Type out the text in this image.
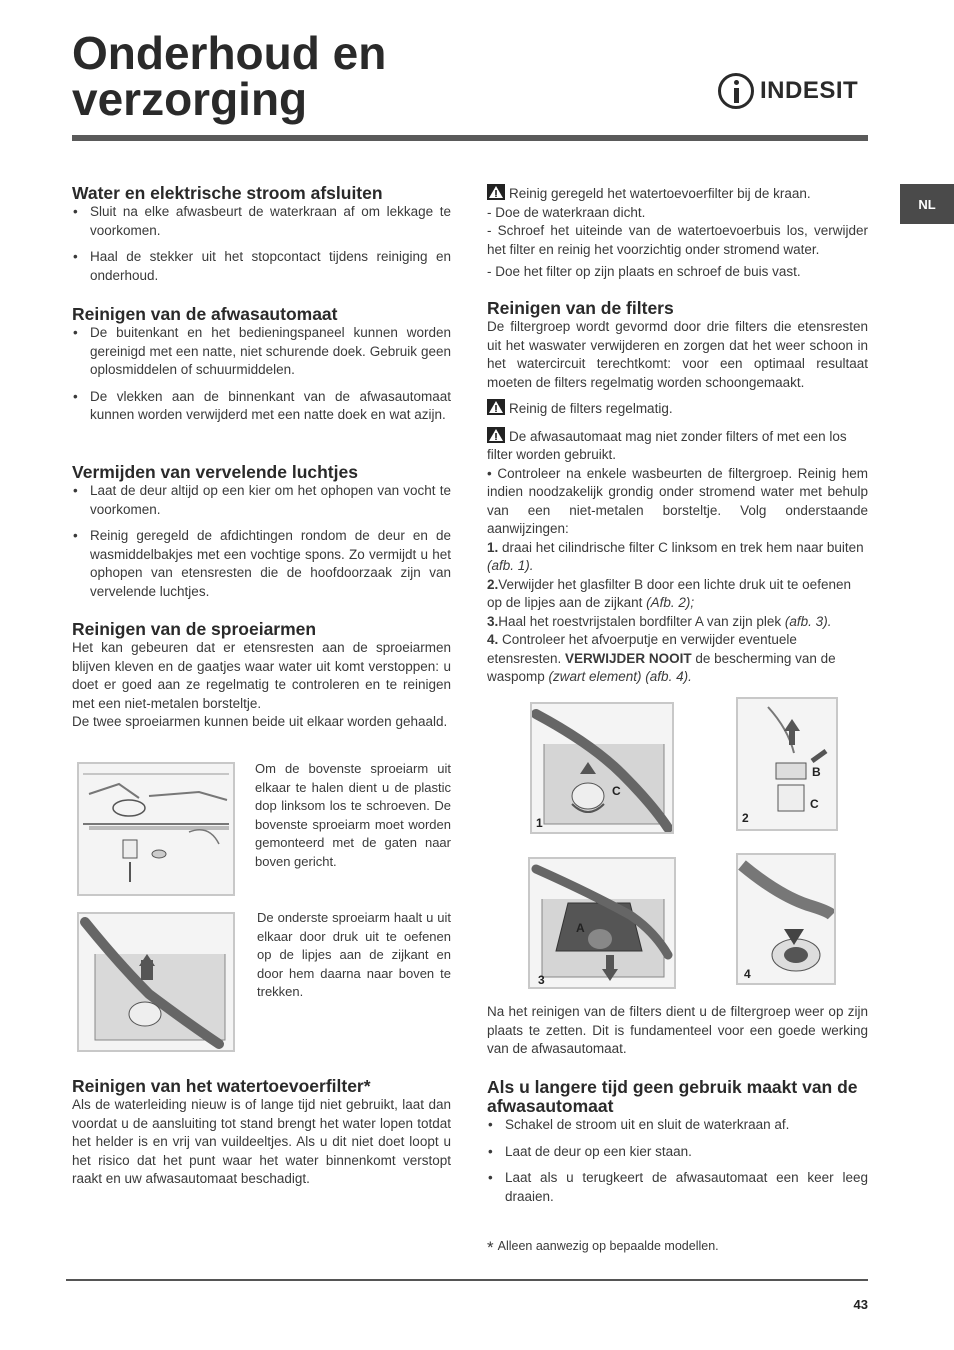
Onderhoud en verzorging	INDESIT
NL
Water en elektrische stroom afsluiten
• Sluit na elke afwasbeurt de waterkraan af om lekkage te voorkomen.
• Haal de stekker uit het stopcontact tijdens reiniging en onderhoud.
Reinigen van de afwasautomaat
• De buitenkant en het bedieningspaneel kunnen worden gereinigd met een natte, niet schurende doek. Gebruik geen oplosmiddelen of schuurmiddelen.
• De vlekken aan de binnenkant van de afwasautomaat kunnen worden verwijderd met een natte doek en wat azijn.
Vermijden van vervelende luchtjes
• Laat de deur altijd op een kier om het ophopen van vocht te voorkomen.
• Reinig geregeld de afdichtingen rondom de deur en de wasmiddelbakjes met een vochtige spons. Zo vermijdt u het ophopen van etensresten die de hoofdoorzaak zijn van vervelende luchtjes.
Reinigen van de sproeiarmen

Het kan gebeuren dat er etensresten aan de sproeiarmen blijven kleven en de gaatjes waar water uit komt verstoppen: u doet er goed aan ze regelmatig te controleren en te reinigen met een niet-metalen borsteltje.

De twee sproeiarmen kunnen beide uit elkaar worden gehaald.

Om de bovenste sproeiarm uit elkaar te halen dient u de plastic dop linksom los te schroeven. De bovenste sproeiarm moet worden gemonteerd met de gaten naar boven gericht.

De onderste sproeiarm haalt u uit elkaar door druk uit te oefenen op de lipjes aan de zijkant en door hem daarna naar boven te trekken.

Reinigen van het watertoevoerfilter*

Als de waterleiding nieuw is of lange tijd niet gebruikt, laat dan voordat u de aansluiting tot stand brengt het water lopen totdat het helder is en vrij van vuildeeltjes. Als u dit niet doet loopt u het risico dat het punt waar het water binnenkomt verstopt raakt en uw afwasautomaat beschadigt.

Reinig geregeld het watertoevoerfilter bij de kraan.

- Doe de waterkraan dicht.

- Schroef het uiteinde van de watertoevoerbuis los, verwijder het filter en reinig het voorzichtig onder stromend water.

- Doe het filter op zijn plaats en schroef de buis vast.

Reinigen van de filters

De filtergroep wordt gevormd door drie filters die etensresten uit het waswater verwijderen en zorgen dat het weer schoon in het watercircuit terechtkomt: voor een optimaal resultaat moeten de filters regelmatig worden schoongemaakt.

Reinig de filters regelmatig.

De afwasautomaat mag niet zonder filters of met een los filter worden gebruikt.

• Controleer na enkele wasbeurten de filtergroep. Reinig hem indien noodzakelijk grondig onder stromend water met behulp van een niet-metalen borsteltje. Volg onderstaande aanwijzingen:

1. draai het cilindrische filter C linksom en trek hem naar buiten (afb. 1).

2.Verwijder het glasfilter B door een lichte druk uit te oefenen op de lipjes aan de zijkant (Afb. 2);

3.Haal het roestvrijstalen bordfilter A van zijn plek (afb. 3).

4. Controleer het afvoerputje en verwijder eventuele etensresten. VERWIJDER NOOIT de bescherming van de waspomp (zwart element) (afb. 4).

1
C
2
B
C
A
3	4

Na het reinigen van de filters dient u de filtergroep weer op zijn plaats te zetten. Dit is fundamenteel voor een goede werking van de afwasautomaat.

Als u langere tijd geen gebruik maakt van de afwasautomaat
• Schakel de stroom uit en sluit de waterkraan af.
• Laat de deur op een kier staan.
• Laat als u terugkeert de afwasautomaat een keer leeg draaien.
* Alleen aanwezig op bepaalde modellen.
43
